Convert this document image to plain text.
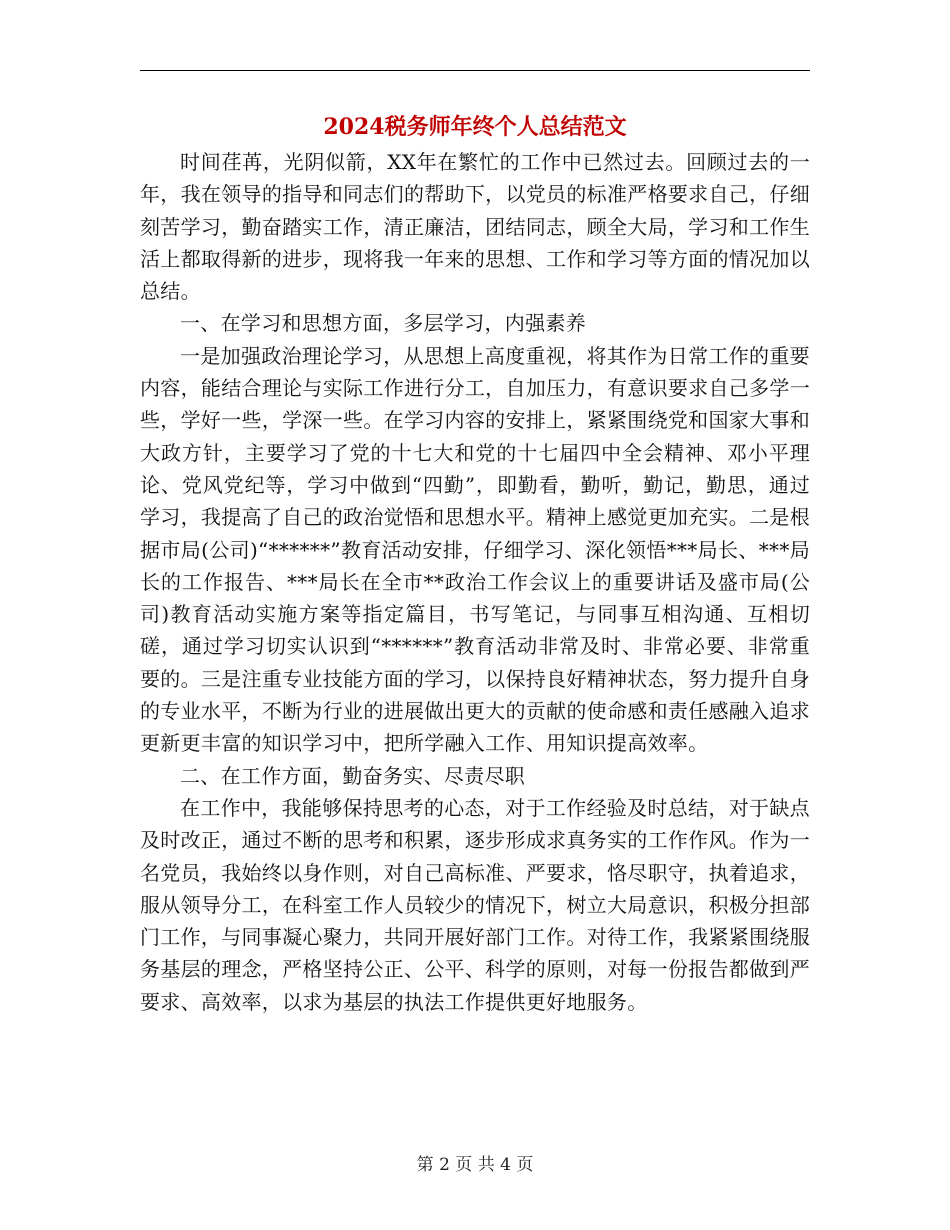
2024税务师年终个人总结范文

时间荏苒，光阴似箭，XX年在繁忙的工作中已然过去。回顾过去的一年，我在领导的指导和同志们的帮助下，以党员的标准严格要求自己，仔细刻苦学习，勤奋踏实工作，清正廉洁，团结同志，顾全大局，学习和工作生活上都取得新的进步，现将我一年来的思想、工作和学习等方面的情况加以总结。

一、在学习和思想方面，多层学习，内强素养

一是加强政治理论学习，从思想上高度重视，将其作为日常工作的重要内容，能结合理论与实际工作进行分工，自加压力，有意识要求自己多学一些，学好一些，学深一些。在学习内容的安排上，紧紧围绕党和国家大事和大政方针，主要学习了党的十七大和党的十七届四中全会精神、邓小平理论、党风党纪等，学习中做到“四勤”，即勤看，勤听，勤记，勤思，通过学习，我提高了自己的政治觉悟和思想水平。精神上感觉更加充实。二是根据市局(公司)“******”教育活动安排，仔细学习、深化领悟***局长、***局长的工作报告、***局长在全市**政治工作会议上的重要讲话及盛市局(公司)教育活动实施方案等指定篇目，书写笔记，与同事互相沟通、互相切磋，通过学习切实认识到“******”教育活动非常及时、非常必要、非常重要的。三是注重专业技能方面的学习，以保持良好精神状态，努力提升自身的专业水平，不断为行业的进展做出更大的贡献的使命感和责任感融入追求更新更丰富的知识学习中，把所学融入工作、用知识提高效率。

二、在工作方面，勤奋务实、尽责尽职

在工作中，我能够保持思考的心态，对于工作经验及时总结，对于缺点及时改正，通过不断的思考和积累，逐步形成求真务实的工作作风。作为一名党员，我始终以身作则，对自己高标准、严要求，恪尽职守，执着追求，服从领导分工，在科室工作人员较少的情况下，树立大局意识，积极分担部门工作，与同事凝心聚力，共同开展好部门工作。对待工作，我紧紧围绕服务基层的理念，严格坚持公正、公平、科学的原则，对每一份报告都做到严要求、高效率，以求为基层的执法工作提供更好地服务。

第 2 页 共 4 页
